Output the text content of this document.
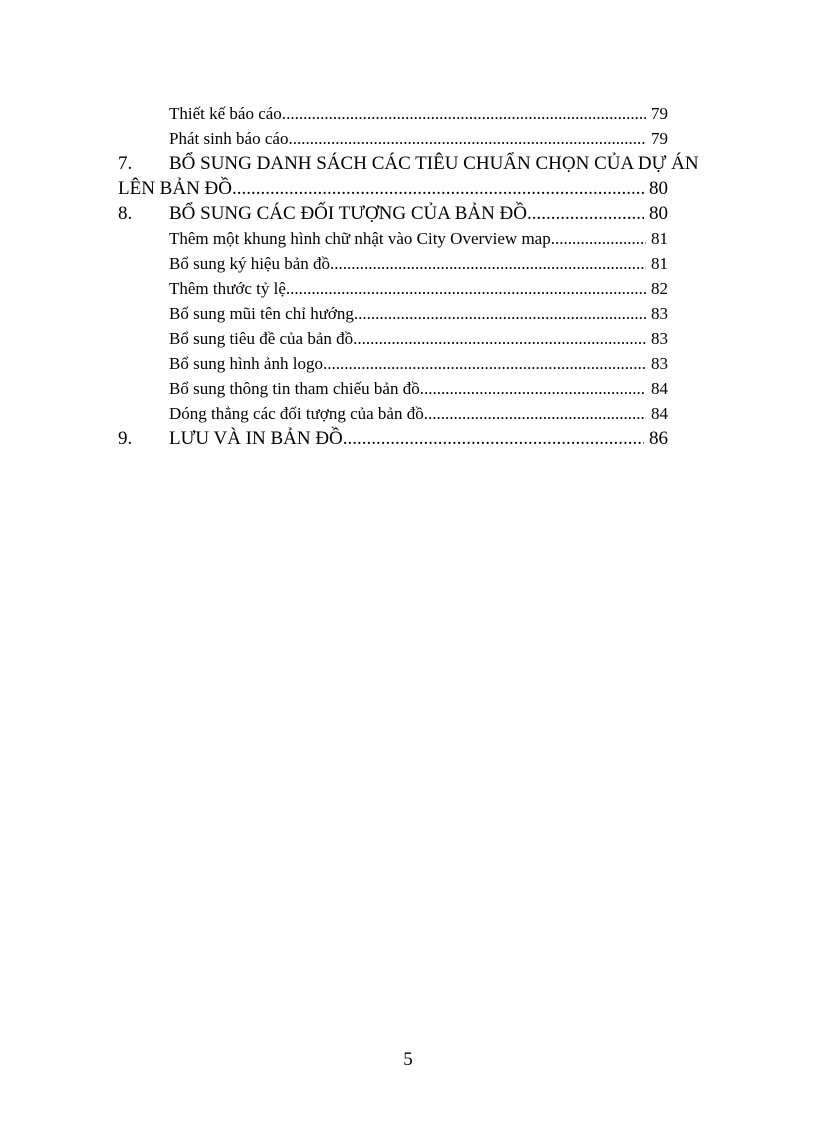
Thiết kế báo cáo .....	79
Phát sinh báo cáo .....	79
7. BỔ SUNG DANH SÁCH CÁC TIÊU CHUẨN CHỌN CỦA DỰ ÁN
LÊN BẢN ĐỒ .....	80
8. BỔ SUNG CÁC ĐỐI TƯỢNG CỦA BẢN ĐỒ .....	80
Thêm một khung hình chữ nhật vào City Overview map .....	81
Bổ sung ký hiệu bản đồ .....	81
Thêm thước tỷ lệ .....	82
Bổ sung mũi tên chỉ hướng .....	83
Bổ sung tiêu đề của bản đồ .....	83
Bổ sung hình ảnh logo .....	83
Bổ sung thông tin tham chiếu bản đồ .....	84
Dóng thẳng các đối tượng của bản đồ .....	84
9. LƯU VÀ IN BẢN ĐỒ .....	86
5
